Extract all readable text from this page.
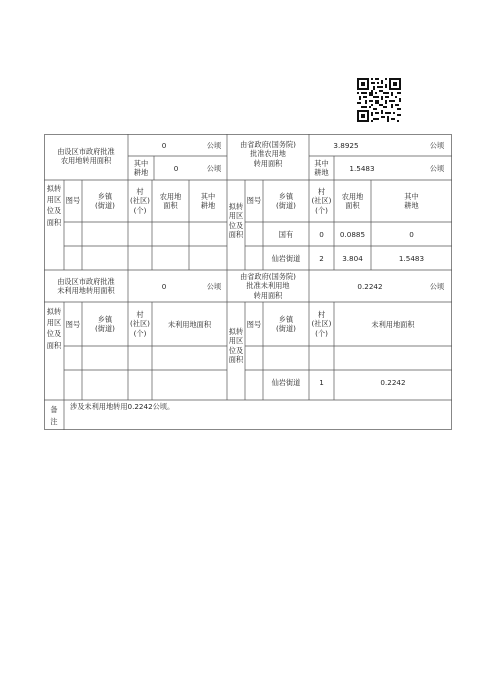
由设区市政府批准
农用地转用面积
0	公顷
其中
耕地	0	公顷
由省政府(国务院)
批准农用地
转用面积
3.8925	公顷
其中
耕地	1.5483	公顷
拟转用区位及面积
图号	乡镇
(街道)
村
(社区)
(个)
农用地
面积
其中
耕地	拟转
用区
位及
面积
图号	乡镇
(街道)
村
(社区)
(个)
农用地
面积
其中
耕地
国有	0	0.0885	0
仙岩街道	2	3.804	1.5483
由设区市政府批准
未利用地转用面积	0	公顷
由省政府(国务院)
批准未利用地
转用面积
0.2242	公顷
拟转用区位及面积
图号
乡镇
(街道)
村
(社区)
(个)
未利用地面积
拟转
用区
位及
面积
图号
乡镇
(街道)
村
(社区)
(个)
未利用地面积
仙岩街道	1	0.2242
备
注
涉及未利用地转用0.2242公顷。
